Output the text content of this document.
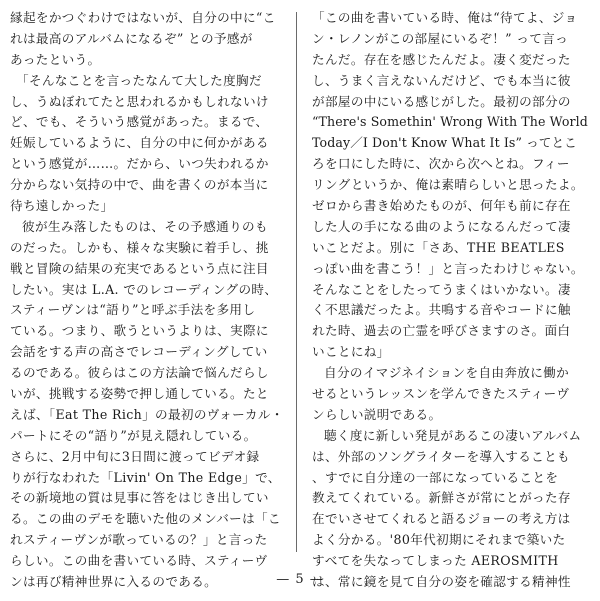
縁起をかつぐわけではないが、自分の中に“こ
れは最高のアルバムになるぞ” との予感が
あったという。
「そんなことを言ったなんて大した度胸だ
し、うぬぼれてたと思われるかもしれないけ
ど、でも、そういう感覚があった。まるで、
妊娠しているように、自分の中に何かがある
という感覚が……。だから、いつ失われるか
分からない気持の中で、曲を書くのが本当に
待ち遠しかった」
彼が生み落したものは、その予感通りのも
のだった。しかも、様々な実験に着手し、挑
戦と冒険の結果の充実であるという点に注目
したい。実は L.A. でのレコーディングの時、
スティーヴンは“語り”と呼ぶ手法を多用し
ている。つまり、歌うというよりは、実際に
会話をする声の高さでレコーディングしてい
るのである。彼らはこの方法論で悩んだらし
いが、挑戦する姿勢で押し通している。たと
えば、「Eat The Rich」の最初のヴォーカル・
パートにその“語り”が見え隠れしている。
さらに、2月中旬に3日間に渡ってビデオ録
りが行なわれた「Livin' On The Edge」で、
その新境地の質は見事に答をはじき出してい
る。この曲のデモを聴いた他のメンバーは「こ
れスティーヴンが歌っているの？」と言った
らしい。この曲を書いている時、スティーヴ
ンは再び精神世界に入るのである。
「この曲を書いている時、俺は“待てよ、ジョ
ン・レノンがこの部屋にいるぞ！” って言っ
たんだ。存在を感じたんだよ。凄く変だった
し、うまく言えないんだけど、でも本当に彼
が部屋の中にいる感じがした。最初の部分の
“There's Somethin' Wrong With The World
Today／I Don't Know What It Is” ってとこ
ろを口にした時に、次から次へとね。フィー
リングというか、俺は素晴らしいと思ったよ。
ゼロから書き始めたものが、何年も前に存在
した人の手になる曲のようになるんだって凄
いことだよ。別に「さあ、THE BEATLES
っぽい曲を書こう！」と言ったわけじゃない。
そんなことをしたってうまくはいかない。凄
く不思議だったよ。共鳴する音やコードに触
れた時、過去の亡霊を呼びさますのさ。面白
いことにね」
自分のイマジネイションを自由奔放に働か
せるというレッスンを学んできたスティーヴ
ンらしい説明である。
聴く度に新しい発見があるこの凄いアルバム
は、外部のソングライターを導入することも
、すでに自分達の一部になっていることを
教えてくれている。新鮮さが常にとがった存
在でいさせてくれると語るジョーの考え方は
よく分かる。'80年代初期にそれまで築いた
すべてを失なってしまった AEROSMITH
は、常に鏡を見て自分の姿を確認する精神性
— 5 —
